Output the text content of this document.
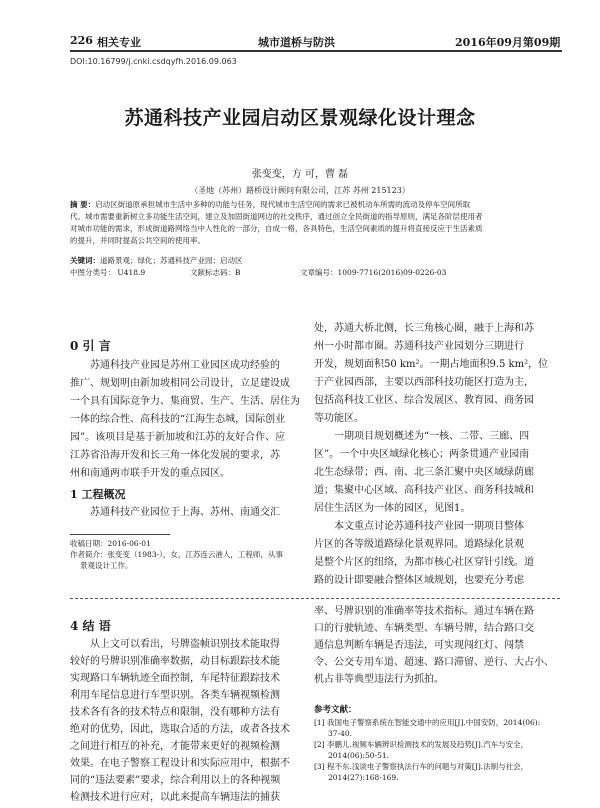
226 相关专业	城市道桥与防洪	2016年09月第09期
DOI:10.16799/j.cnki.csdqyfh.2016.09.063
苏通科技产业园启动区景观绿化设计理念
张变变，方 可，曹 磊
（圣地（苏州）路桥设计顾问有限公司，江苏 苏州 215123）
摘 要：启动区街道原承担城市生活中多种的功能与任务，现代城市生活空间的需求已被机动车所需的流动及停车空间所取
代。城市需要重新树立多功能生活空间，建立及加固街道网边的社交秩序，通过创立全民街道的指导原则，满足各阶层使用者
对城市功能的需求，形成街道路网络当中人性化的一部分，自成一格，各具特色，生活空间素质的提升将直接反应于生活素质
的提升，并同时提高公共空间的使用率。
关键词：道路景观；绿化；苏通科技产业园；启动区
中图分类号： U418.9	文献标志码：B	文章编号：1009-7716(2016)09-0226-03
0 引 言
苏通科技产业园是苏州工业园区成功经验的
推广、规划明由新加坡相同公司设计，立足建设成
一个具有国际竞争力、集商贸、生产、生活、居住为
一体的综合性、高科技的“江海生态城，国际创业
园”。该项目是基于新加坡和江苏的友好合作、应
江苏省沿海开发和长三角一体化发展的要求，苏
州和南通两市联手开发的重点园区。
1 工程概况
苏通科技产业园位于上海、苏州、南通交汇
收稿日期：2016-06-01
作者简介：张变变（1983-），女，江苏连云港人，工程师，从事
景观设计工作。
处，苏通大桥北侧，长三角核心圈，融于上海和苏
州一小时都市圈。苏通科技产业园划分三期进行
开发，规划面积50 km²。一期占地面积9.5 km²，位
于产业园西部，主要以西部科技功能区打造为主，
包括高科技工业区、综合发展区、教育园、商务园
等功能区。
一期项目规划概述为“一核、二带、三廊、四
区”。一个中央区域绿化核心；两条贯通产业园南
北生态绿带；西、南、北三条汇聚中央区域绿荫廊
道；集聚中心区域、高科技产业区、商务科技城和
居住生活区为一体的园区，见图1。
本文重点讨论苏通科技产业园一期项目整体
片区的各等级道路绿化景观界同。道路绿化景观
是整个片区的纽络，为都市核心社区穿针引线。道
路的设计即要融合整体区域规划，也要充分考虑
4 结 语
从上文可以看出，号牌盗帧识别技术能取得
较好的号牌识别准确率数据，动目标跟踪技术能
实现路口车辆轨迹全面控制，车尾特征跟踪技术
利用车尾信息进行车型识别。各类车辆视频检测
技术各有各的技术特点和限制，没有哪种方法有
绝对的优势，因此，选取合适的方法，或者各技术
之间进行相互的补充，才能带来更好的视频检测
效果。在电子警察工程设计和实际应用中，根据不
同的“违法要素”要求，综合利用以上的各种视频
检测技术进行应对，以此来提高车辆违法的捕获
率、号牌识别的准确率等技术指标。通过车辆在路
口的行驶轨迹、车辆类型、车辆号牌，结合路口交
通信息判断车辆是否违法，可实现闯红灯、闯禁
令、公交专用车道、超速、路口滞留、逆行、大占小、
机占非等典型违法行为抓拍。
参考文献：
[1] 我国电子警察系统在智能交通中的应用[J].中国安防，2014(06):
37-40.
[2] 李鹏儿.视频车辆辨识检测技术的发展及趋势[J].汽车与安全，
2014(06):50-51.
[3] 程不东.浅谈电子警察执法行车的问题与对策[J].法制与社会，
2014(27):168-169.
